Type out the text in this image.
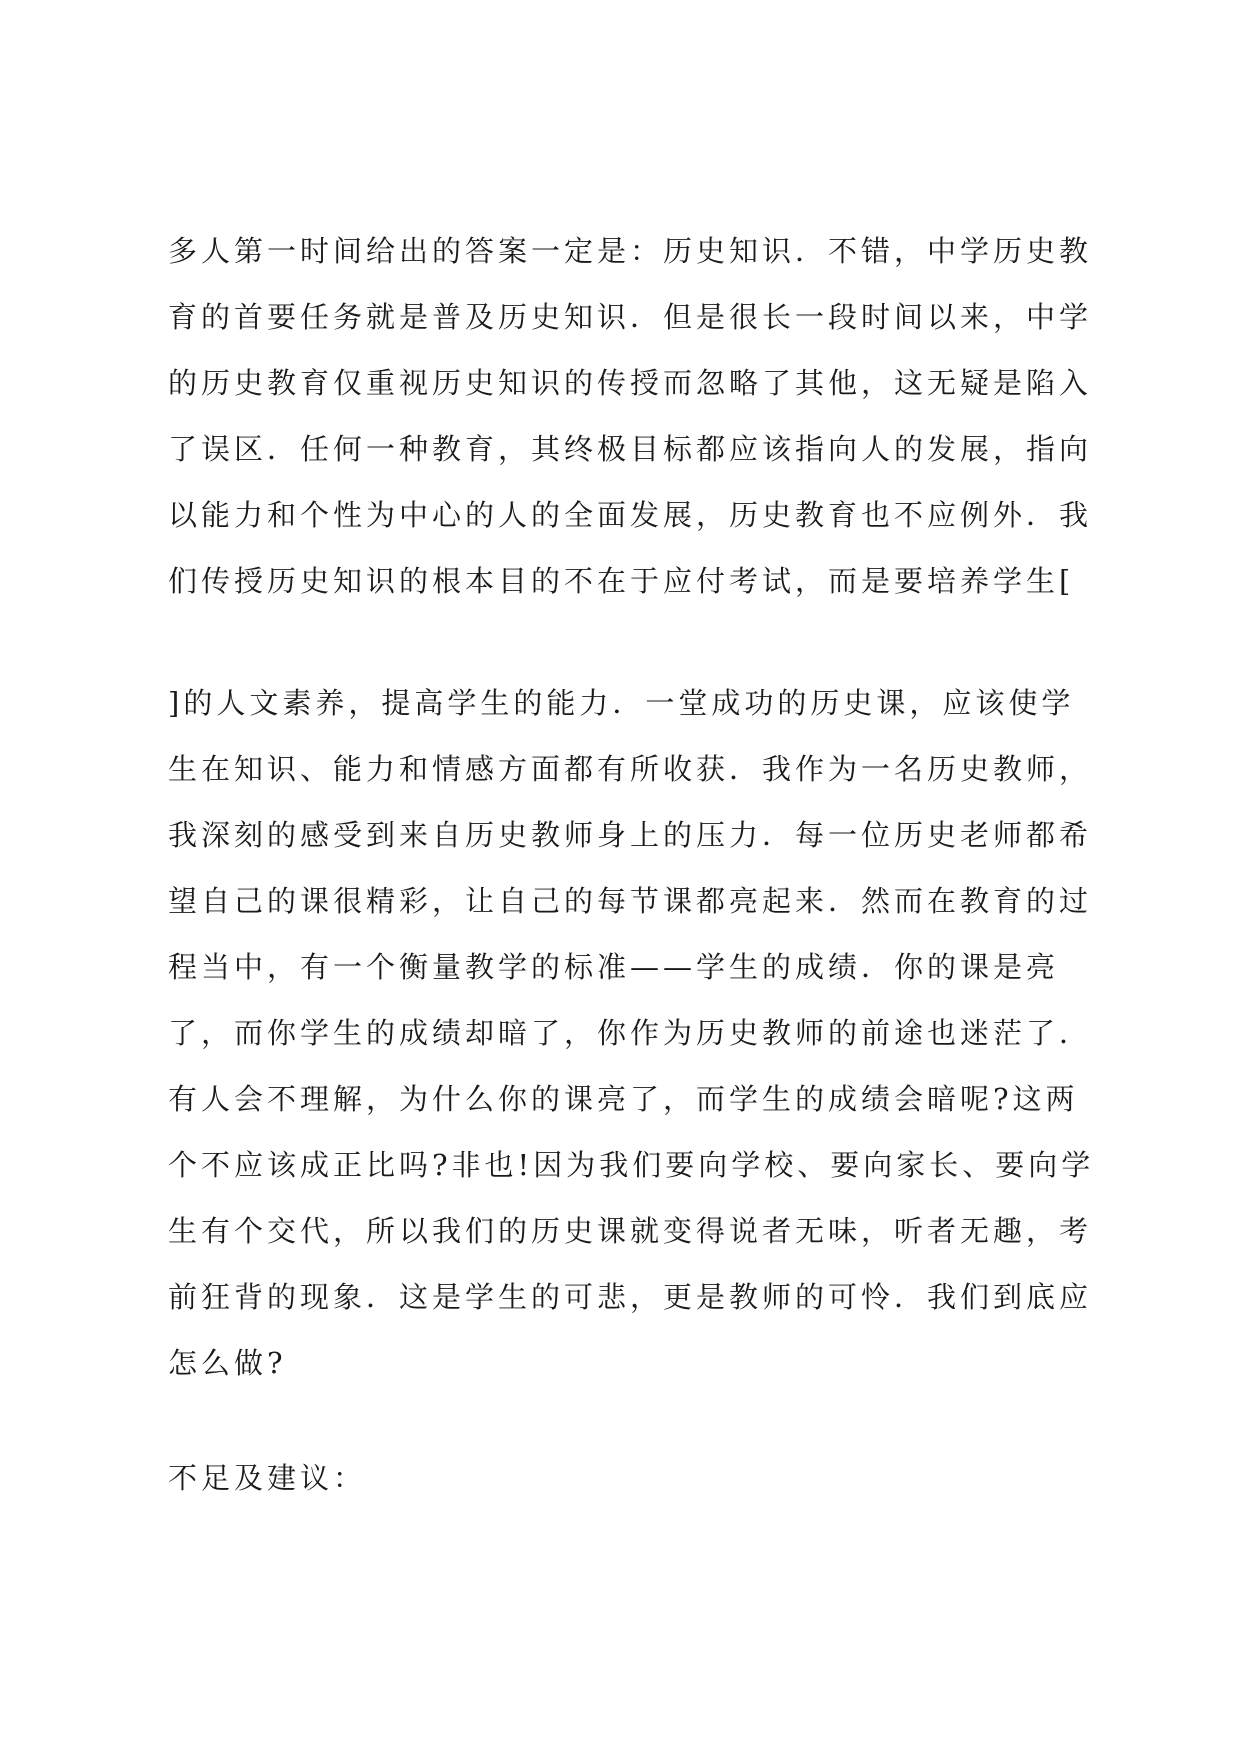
多人第一时间给出的答案一定是：历史知识．不错，中学历史教
育的首要任务就是普及历史知识．但是很长一段时间以来，中学
的历史教育仅重视历史知识的传授而忽略了其他，这无疑是陷入
了误区．任何一种教育，其终极目标都应该指向人的发展，指向
以能力和个性为中心的人的全面发展，历史教育也不应例外．我
们传授历史知识的根本目的不在于应付考试，而是要培养学生[

]的人文素养，提高学生的能力．一堂成功的历史课，应该使学
生在知识、能力和情感方面都有所收获．我作为一名历史教师，
我深刻的感受到来自历史教师身上的压力．每一位历史老师都希
望自己的课很精彩，让自己的每节课都亮起来．然而在教育的过
程当中，有一个衡量教学的标准——学生的成绩．你的课是亮
了，而你学生的成绩却暗了，你作为历史教师的前途也迷茫了．
有人会不理解，为什么你的课亮了，而学生的成绩会暗呢?这两
个不应该成正比吗?非也!因为我们要向学校、要向家长、要向学
生有个交代，所以我们的历史课就变得说者无味，听者无趣，考
前狂背的现象．这是学生的可悲，更是教师的可怜．我们到底应
怎么做?

不足及建议：
